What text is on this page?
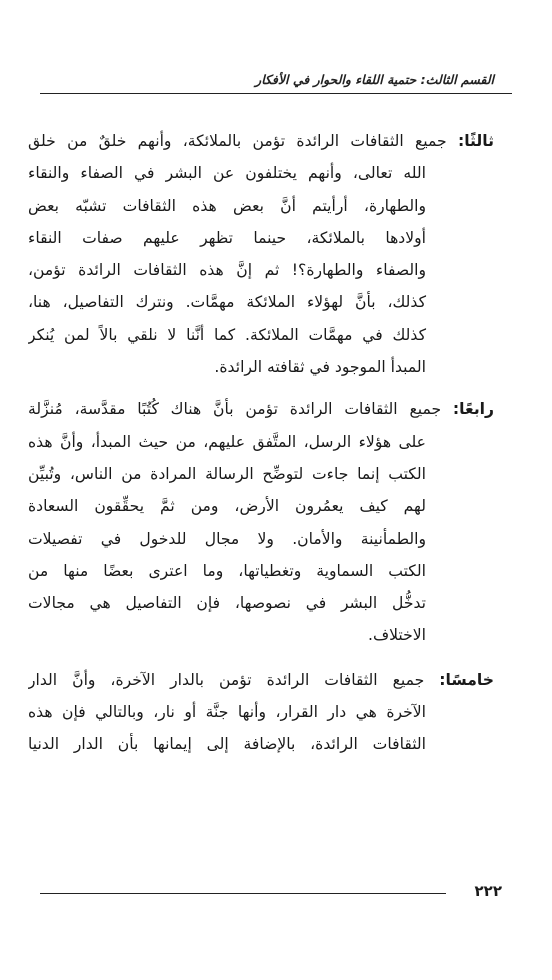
القسم الثالث: حتمية اللقاء والحوار في الأفكار
ثالثًا: جميع الثقافات الرائدة تؤمن بالملائكة، وأنهم خلقٌ من خلق
الله تعالى، وأنهم يختلفون عن البشر في الصفاء والنقاء
والطهارة، أرأيتم أنَّ بعض هذه الثقافات تشبّه بعض
أولادها بالملائكة، حينما تظهر عليهم صفات النقاء
والصفاء والطهارة؟! ثم إنَّ هذه الثقافات الرائدة تؤمن،
كذلك، بأنَّ لهؤلاء الملائكة مهمَّات. ونترك التفاصيل، هنا،
كذلك في مهمَّات الملائكة. كما أنَّنا لا نلقي بالاً لمن يُنكر
المبدأ الموجود في ثقافته الرائدة.
رابعًا: جميع الثقافات الرائدة تؤمن بأنَّ هناك كُتُبًا مقدَّسة، مُنزَّلة
على هؤلاء الرسل، المتَّفق عليهم، من حيث المبدأ، وأنَّ هذه
الكتب إنما جاءت لتوضِّح الرسالة المرادة من الناس، وتُبيِّن
لهم كيف يعمُرون الأرض، ومن ثمَّ يحقِّقون السعادة
والطمأنينة والأمان. ولا مجال للدخول في تفصيلات
الكتب السماوية وتغطياتها، وما اعترى بعضًا منها من
تدخُّل البشر في نصوصها، فإن التفاصيل هي مجالات
الاختلاف.
خامسًا: جميع الثقافات الرائدة تؤمن بالدار الآخرة، وأنَّ الدار
الآخرة هي دار القرار، وأنها جنَّة أو نار، وبالتالي فإن هذه
الثقافات الرائدة، بالإضافة إلى إيمانها بأن الدار الدنيا
٢٢٢
